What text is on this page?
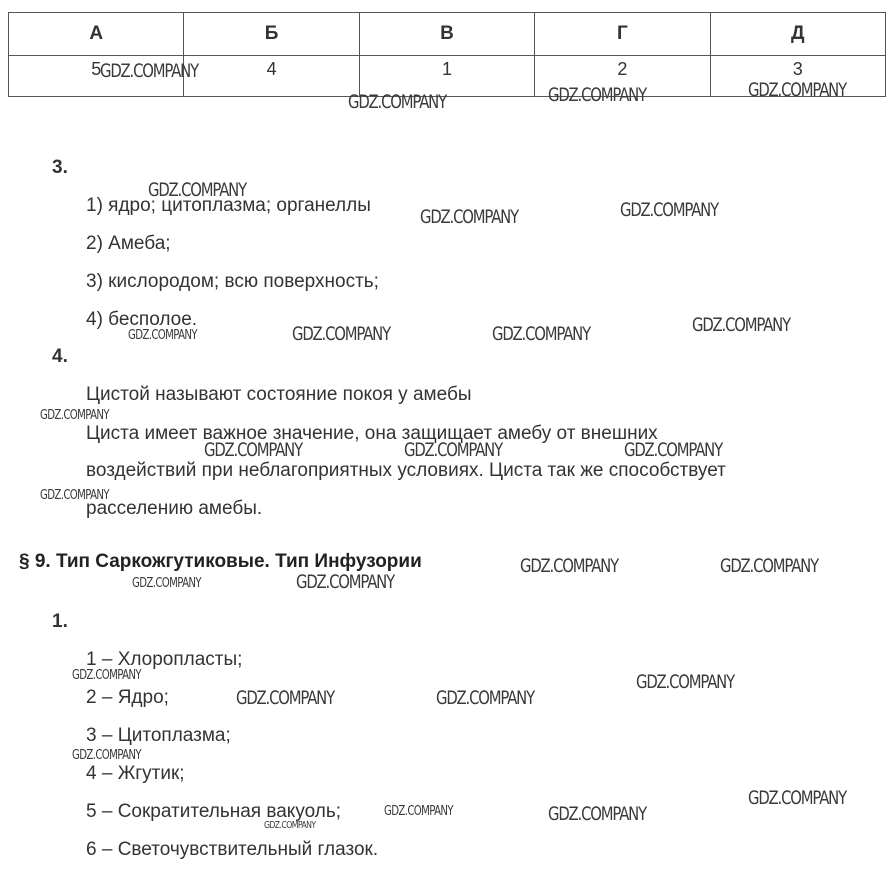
А	Б	В	Г	Д
5	4	1	2	3
3.
1) ядро; цитоплазма; органеллы
2) Амеба;
3) кислородом; всю поверхность;
4) бесполое.
4.
Цистой называют состояние покоя у амебы
Циста имеет важное значение, она защищает амебу от внешних
воздействий при неблагоприятных условиях. Циста так же способствует
расселению амебы.
§ 9. Тип Саркожгутиковые. Тип Инфузории
1.
1 – Хлоропласты;
2 – Ядро;
3 – Цитоплазма;
4 – Жгутик;
5 – Сократительная вакуоль;
6 – Светочувствительный глазок.
GDZ.COMPANY
GDZ.COMPANY	GDZ.COMPANY	GDZ.COMPANY
GDZ.COMPANY
GDZ.COMPANY	GDZ.COMPANY
GDZ.COMPANY	GDZ.COMPANY	GDZ.COMPANY	GDZ.COMPANY
GDZ.COMPANY
GDZ.COMPANY	GDZ.COMPANY	GDZ.COMPANY
GDZ.COMPANY
GDZ.COMPANY	GDZ.COMPANY
GDZ.COMPANY	GDZ.COMPANY
GDZ.COMPANY	GDZ.COMPANY
GDZ.COMPANY	GDZ.COMPANY
GDZ.COMPANY
GDZ.COMPANY
GDZ.COMPANY	GDZ.COMPANY
GDZ.COMPANY
